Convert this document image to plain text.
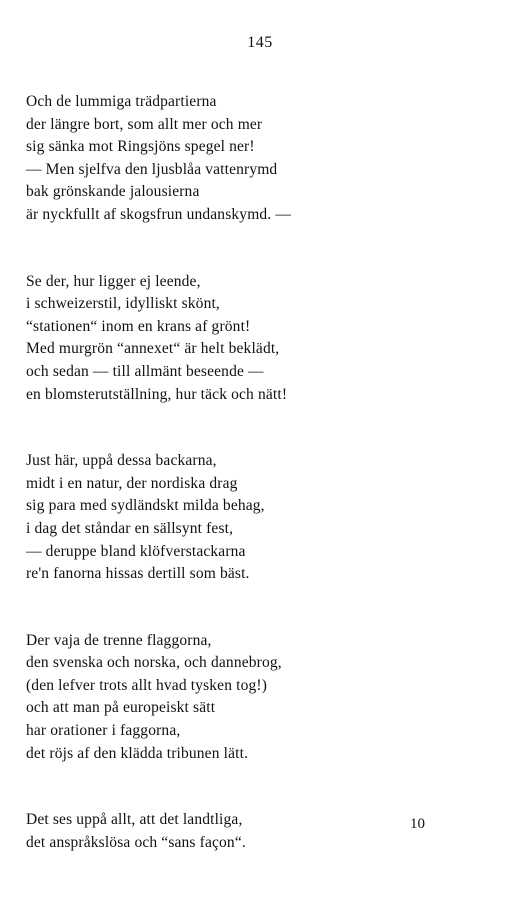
145
Och de lummiga trädpartierna
der längre bort, som allt mer och mer
sig sänka mot Ringsjöns spegel ner!
— Men sjelfva den ljusblåa vattenrymd
bak grönskande jalousierna
är nyckfullt af skogsfrun undanskymd. —
Se der, hur ligger ej leende,
i schweizerstil, idylliskt skönt,
“stationen“ inom en krans af grönt!
Med murgrön “annexet“ är helt beklädt,
och sedan — till allmänt beseende —
en blomsterutställning, hur täck och nätt!
Just här, uppå dessa backarna,
midt i en natur, der nordiska drag
sig para med sydländskt milda behag,
i dag det ståndar en sällsynt fest,
— deruppe bland klöfverstackarna
re'n fanorna hissas dertill som bäst.
Der vaja de trenne flaggorna,
den svenska och norska, och dannebrog,
(den lefver trots allt hvad tysken tog!)
och att man på europeiskt sätt
har orationer i faggorna,
det röjs af den klädda tribunen lätt.
Det ses uppå allt, att det landtliga,
det anspråkslösa och “sans façon“.
10
